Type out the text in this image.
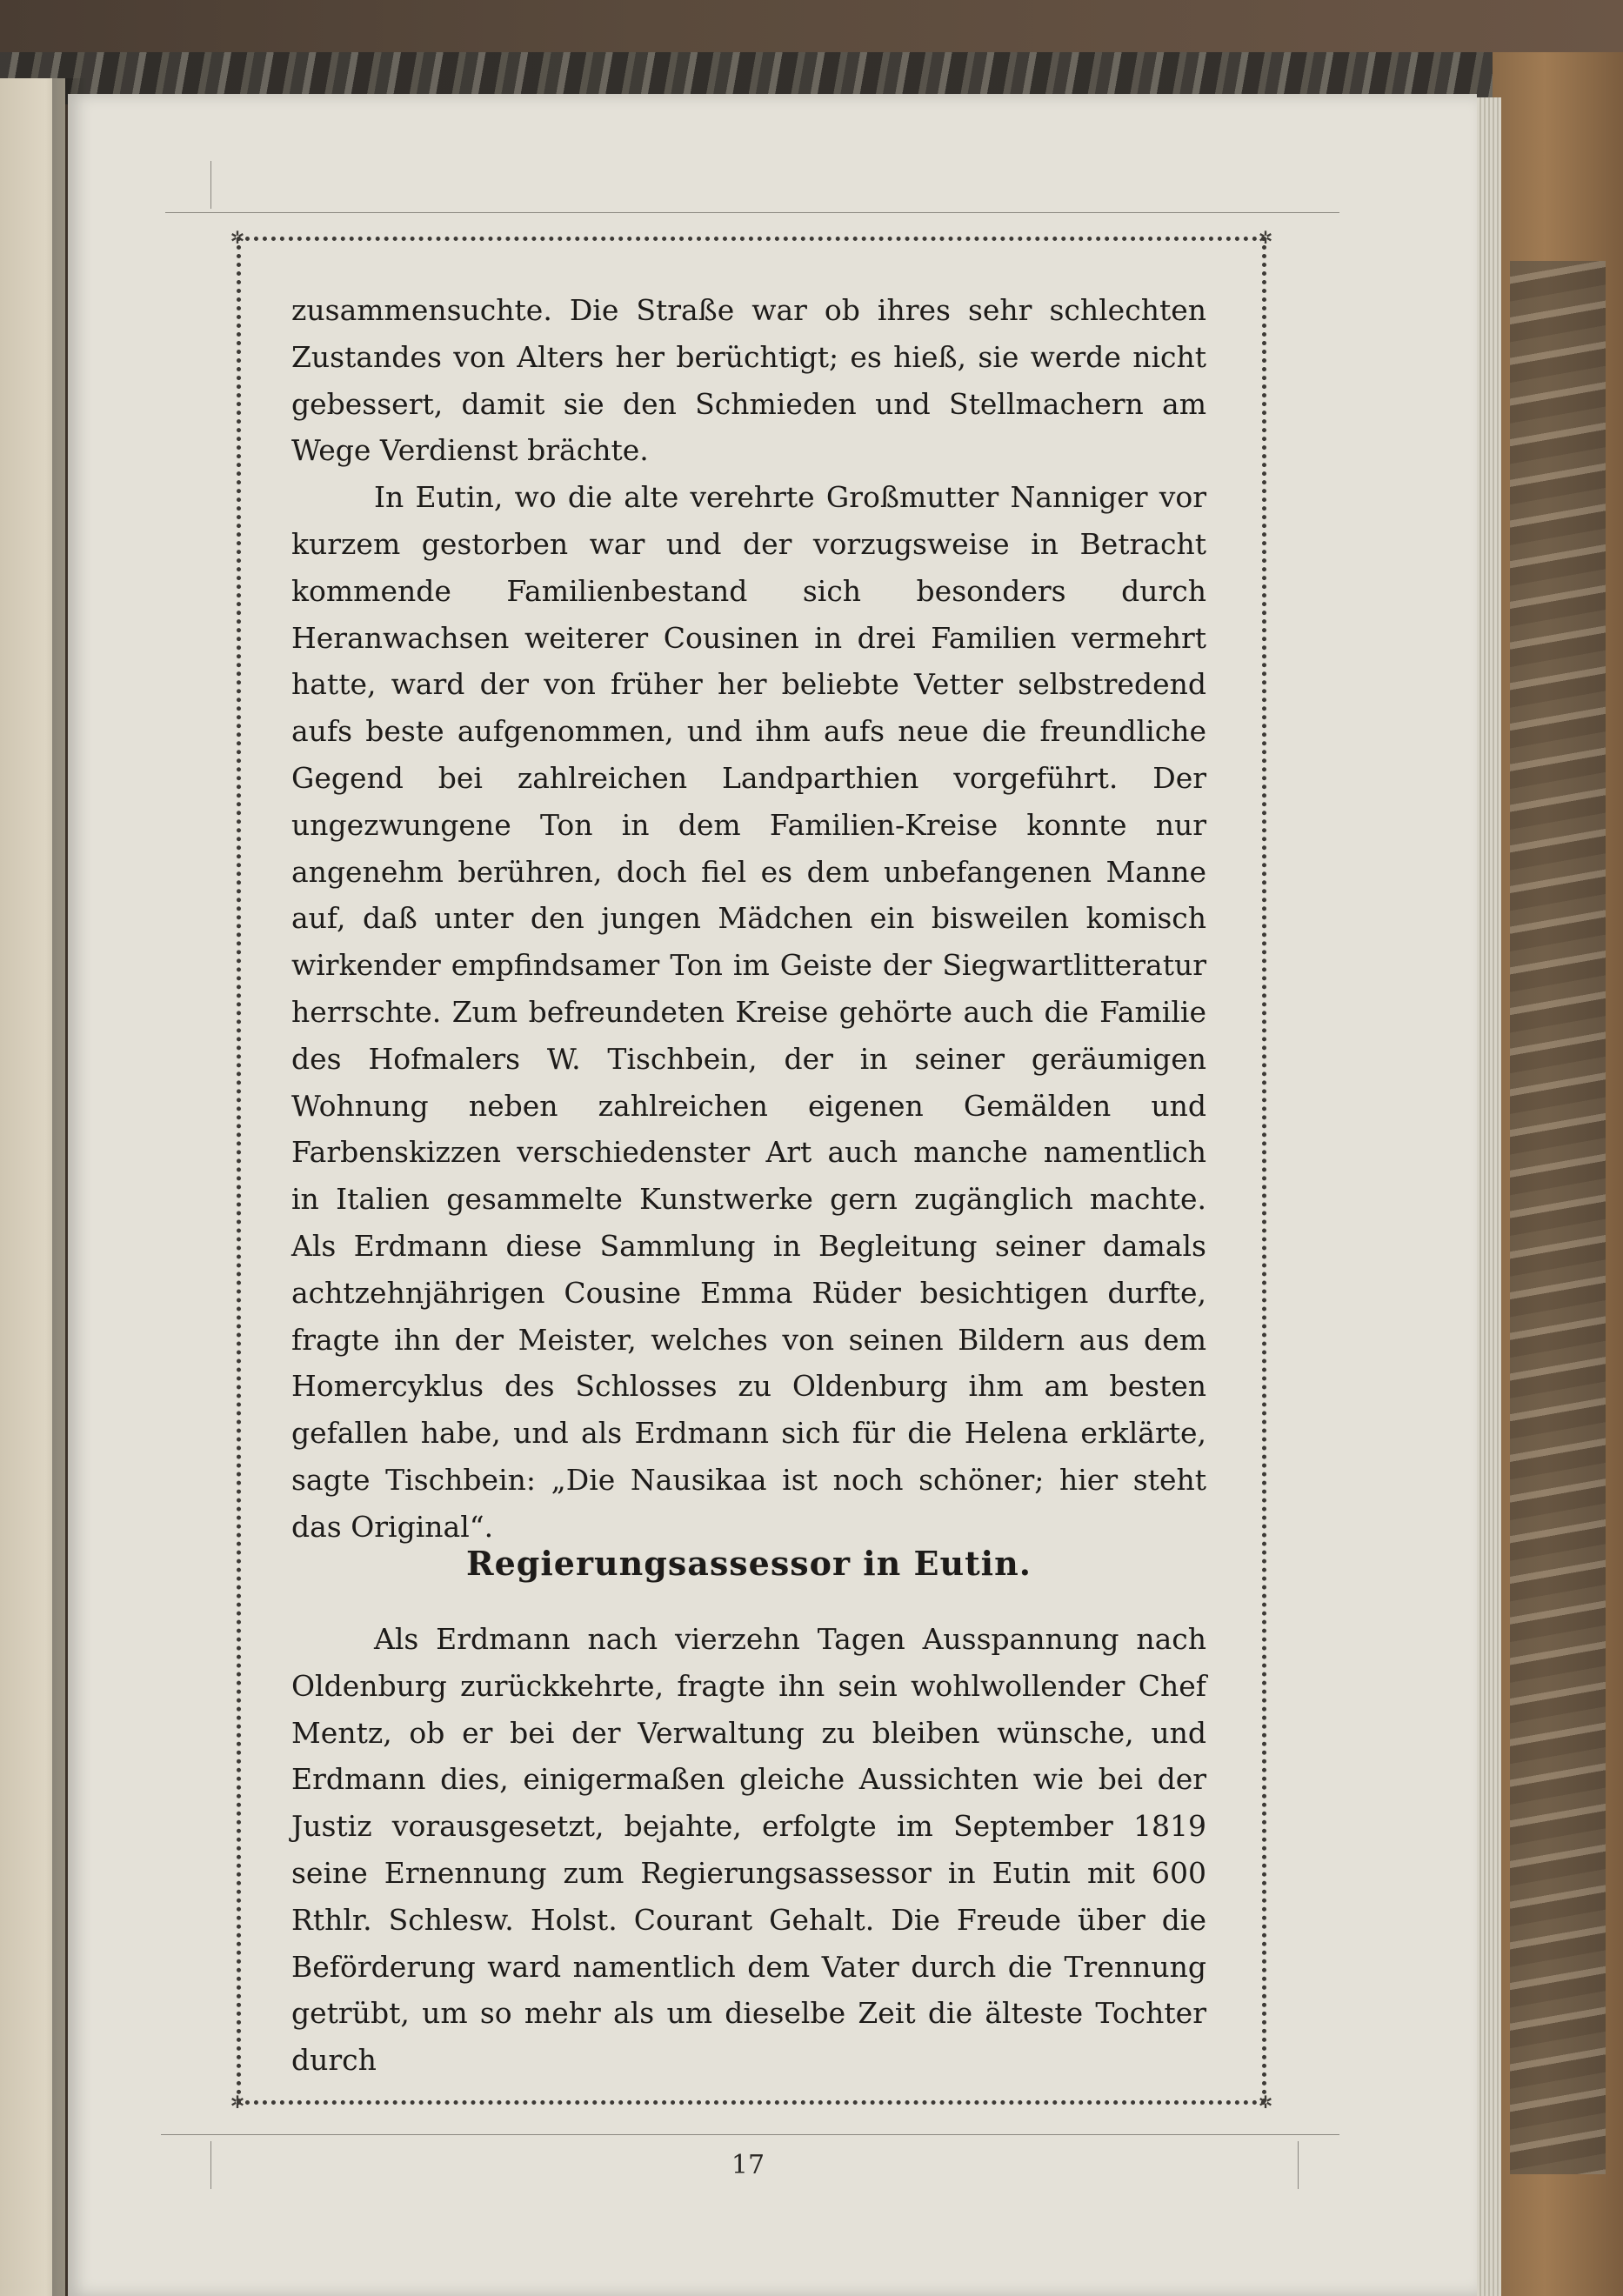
✲	✲
✲	✲

zusammensuchte. Die Straße war ob ihres sehr schlechten Zustandes von Alters her berüchtigt; es hieß, sie werde nicht gebessert, damit sie den Schmieden und Stellmachern am Wege Verdienst brächte.

In Eutin, wo die alte verehrte Großmutter Nanniger vor kurzem gestorben war und der vorzugsweise in Betracht kommende Familienbestand sich besonders durch Heranwachsen weiterer Cousinen in drei Familien vermehrt hatte, ward der von früher her beliebte Vetter selbstredend aufs beste aufgenommen, und ihm aufs neue die freundliche Gegend bei zahlreichen Landparthien vorgeführt. Der ungezwungene Ton in dem Familien-Kreise konnte nur angenehm berühren, doch fiel es dem unbefangenen Manne auf, daß unter den jungen Mädchen ein bisweilen komisch wirkender empfindsamer Ton im Geiste der Siegwartlitteratur herrschte. Zum befreundeten Kreise gehörte auch die Familie des Hofmalers W. Tischbein, der in seiner geräumigen Wohnung neben zahlreichen eigenen Gemälden und Farbenskizzen verschiedenster Art auch manche namentlich in Italien gesammelte Kunstwerke gern zugänglich machte. Als Erdmann diese Sammlung in Begleitung seiner damals achtzehnjährigen Cousine Emma Rüder besichtigen durfte, fragte ihn der Meister, welches von seinen Bildern aus dem Homercyklus des Schlosses zu Oldenburg ihm am besten gefallen habe, und als Erdmann sich für die Helena erklärte, sagte Tischbein: „Die Nausikaa ist noch schöner; hier steht das Original“.

Regierungsassessor in Eutin.

Als Erdmann nach vierzehn Tagen Ausspannung nach Oldenburg zurückkehrte, fragte ihn sein wohlwollender Chef Mentz, ob er bei der Verwaltung zu bleiben wünsche, und Erdmann dies, einigermaßen gleiche Aussichten wie bei der Justiz vorausgesetzt, bejahte, erfolgte im September 1819 seine Ernennung zum Regierungsassessor in Eutin mit 600 Rthlr. Schlesw. Holst. Courant Gehalt. Die Freude über die Beförderung ward namentlich dem Vater durch die Trennung getrübt, um so mehr als um dieselbe Zeit die älteste Tochter durch

17
